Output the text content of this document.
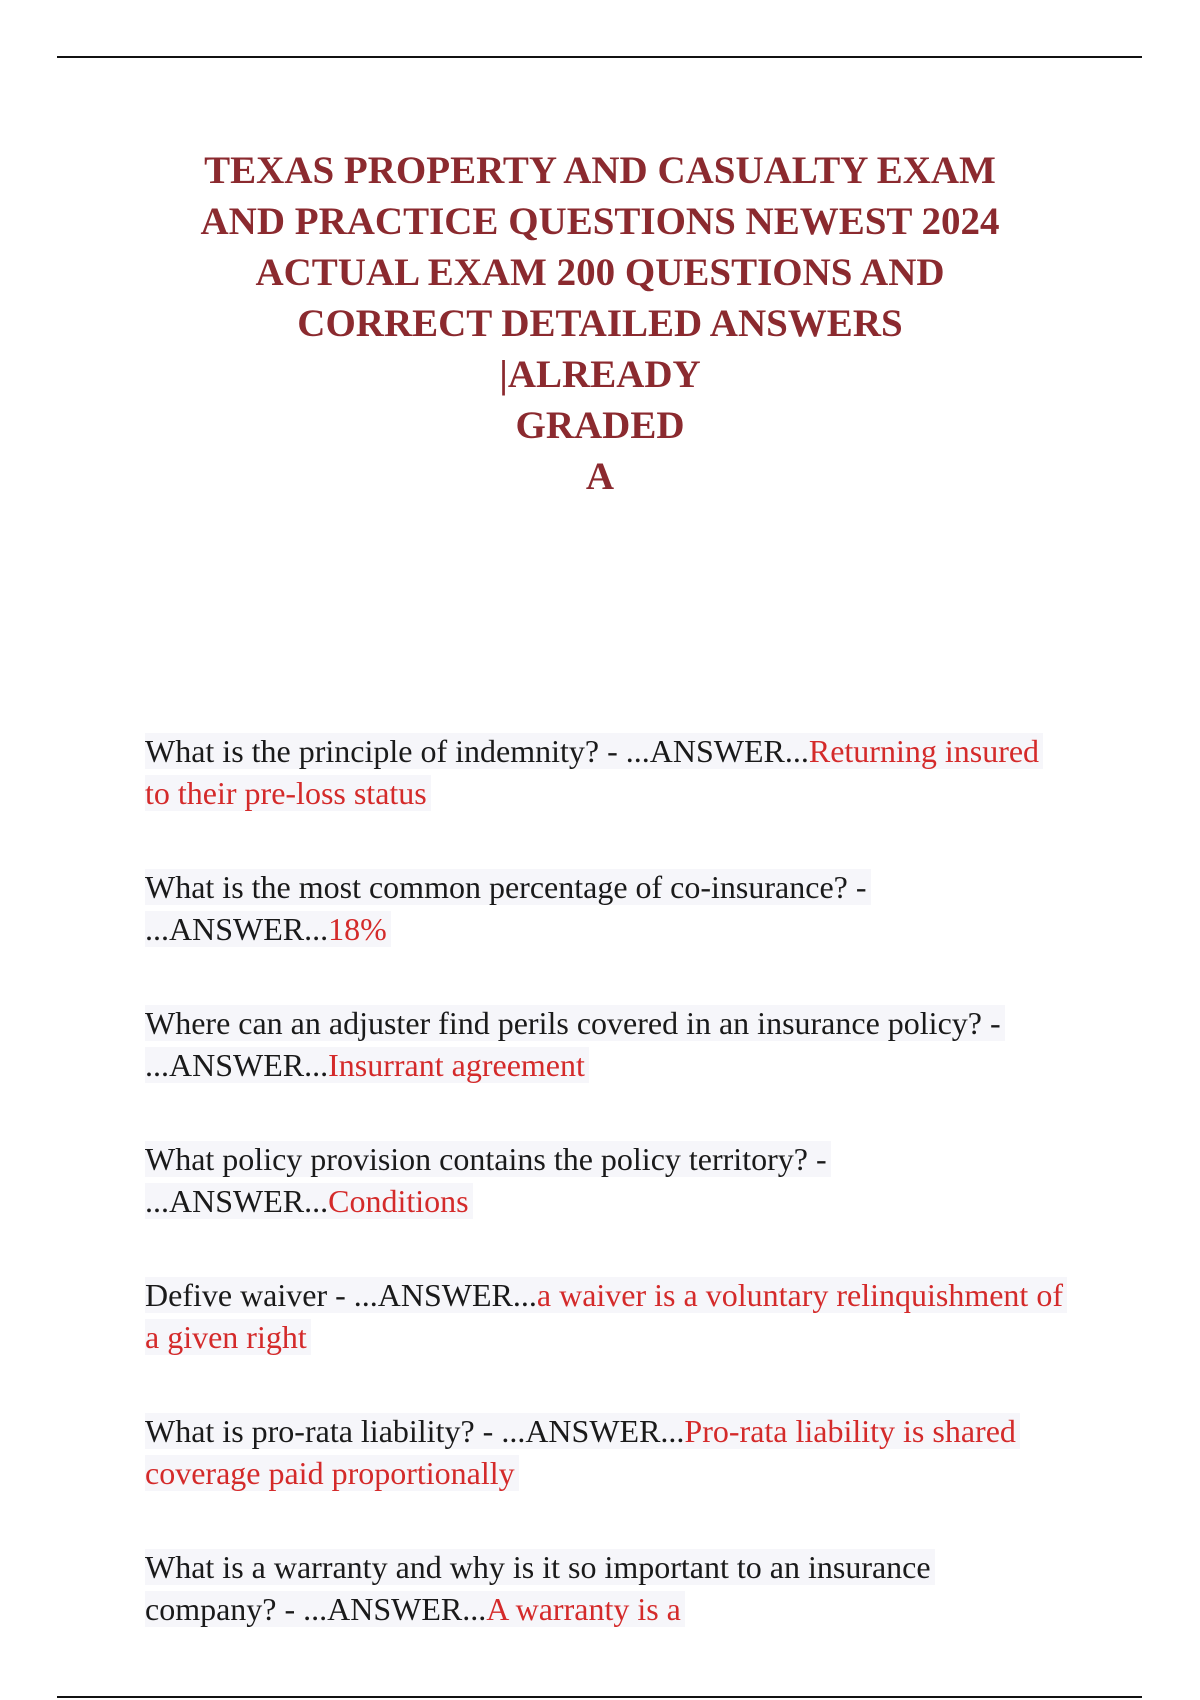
TEXAS PROPERTY AND CASUALTY EXAM
AND PRACTICE QUESTIONS NEWEST 2024
ACTUAL EXAM 200 QUESTIONS AND
CORRECT DETAILED ANSWERS
|ALREADY
GRADED
A

What is the principle of indemnity? - ...ANSWER...Returning insured to their pre-loss status

What is the most common percentage of co-insurance? - ...ANSWER...18%

Where can an adjuster find perils covered in an insurance policy? - ...ANSWER...Insurrant agreement

What policy provision contains the policy territory? - ...ANSWER...Conditions

Defive waiver - ...ANSWER...a waiver is a voluntary relinquishment of a given right

What is pro-rata liability? - ...ANSWER...Pro-rata liability is shared coverage paid proportionally

What is a warranty and why is it so important to an insurance company? - ...ANSWER...A warranty is a
